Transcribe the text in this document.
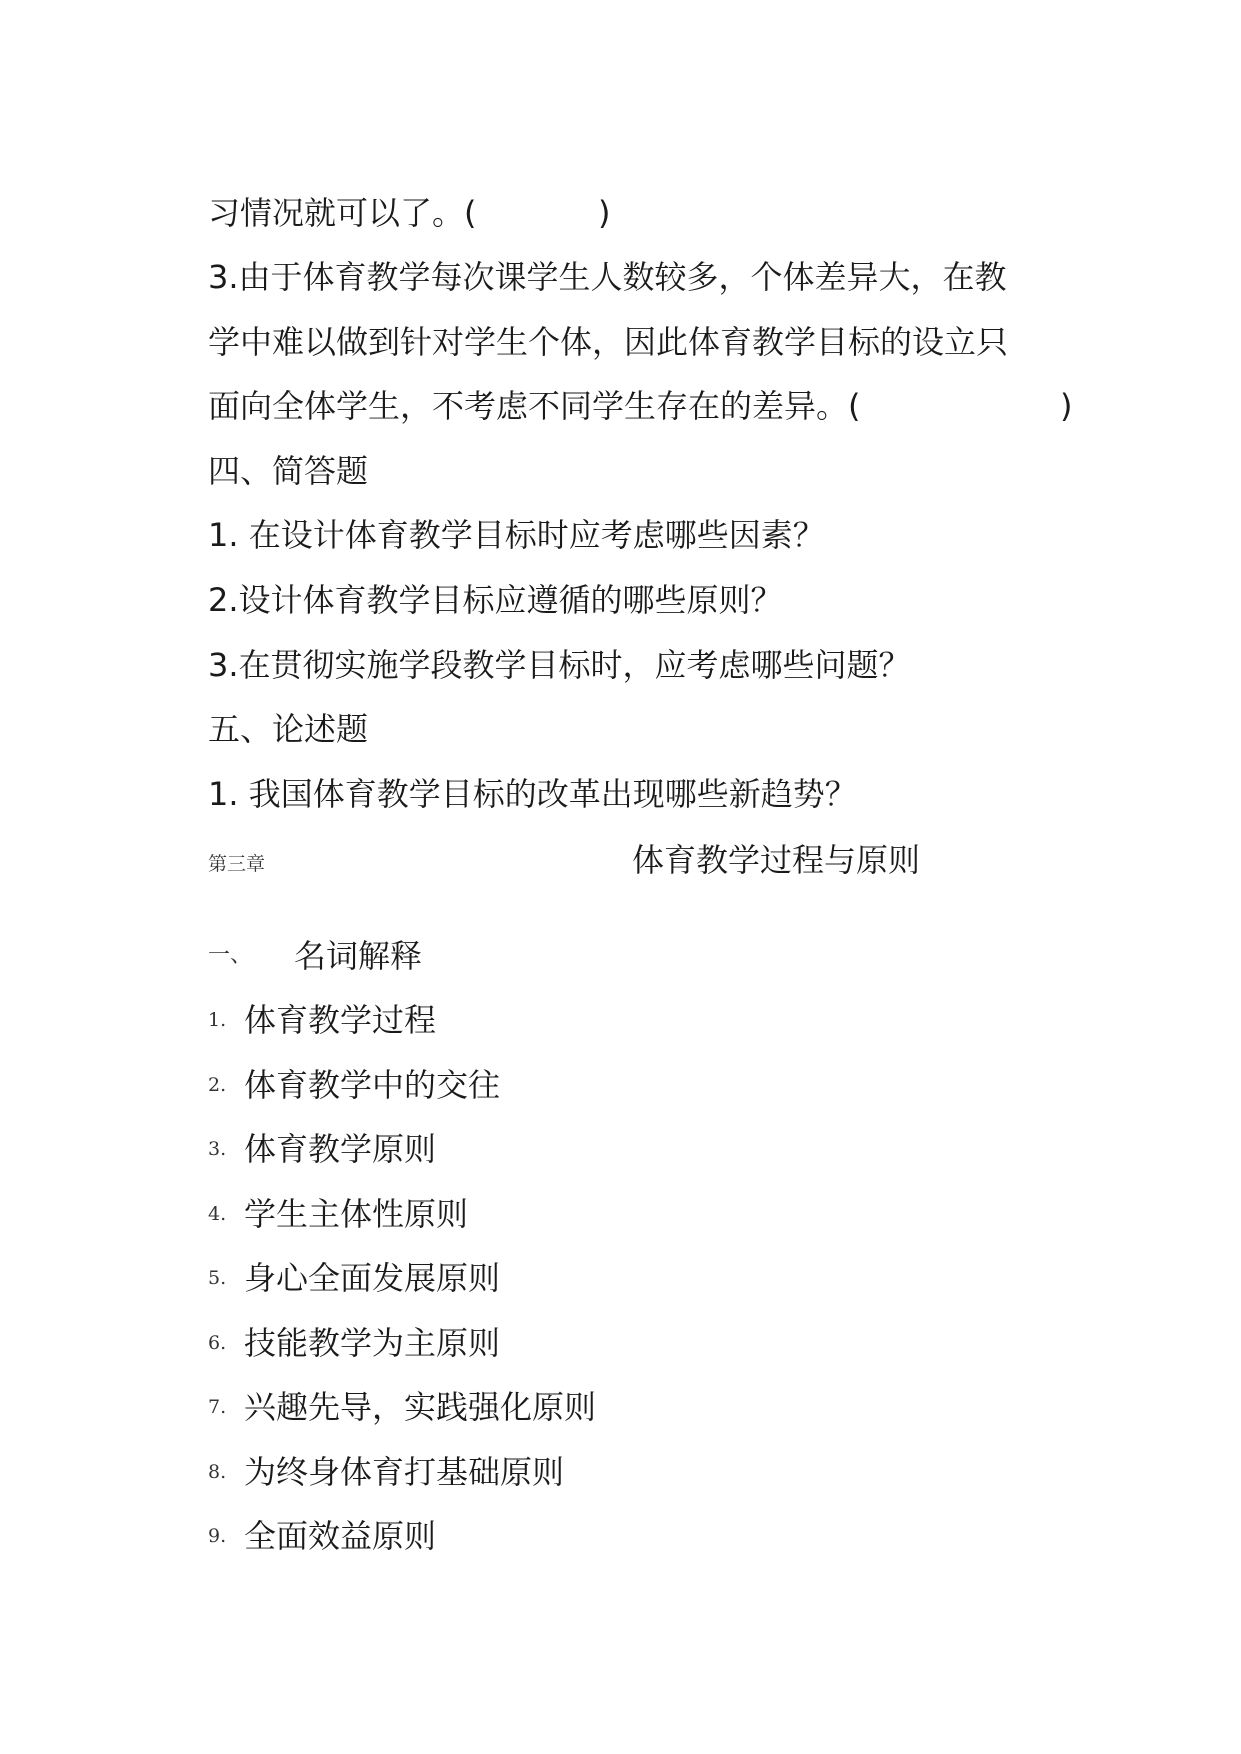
习情况就可以了。(	)
3.由于体育教学每次课学生人数较多，个体差异大，在教
学中难以做到针对学生个体，因此体育教学目标的设立只
面向全体学生，不考虑不同学生存在的差异。(	)
四、简答题
1. 在设计体育教学目标时应考虑哪些因素？
2.设计体育教学目标应遵循的哪些原则？
3.在贯彻实施学段教学目标时，应考虑哪些问题？
五、论述题
1. 我国体育教学目标的改革出现哪些新趋势？
第三章	体育教学过程与原则
一、 名词解释
1. 体育教学过程
2. 体育教学中的交往
3. 体育教学原则
4. 学生主体性原则
5. 身心全面发展原则
6. 技能教学为主原则
7. 兴趣先导，实践强化原则
8. 为终身体育打基础原则
9. 全面效益原则
